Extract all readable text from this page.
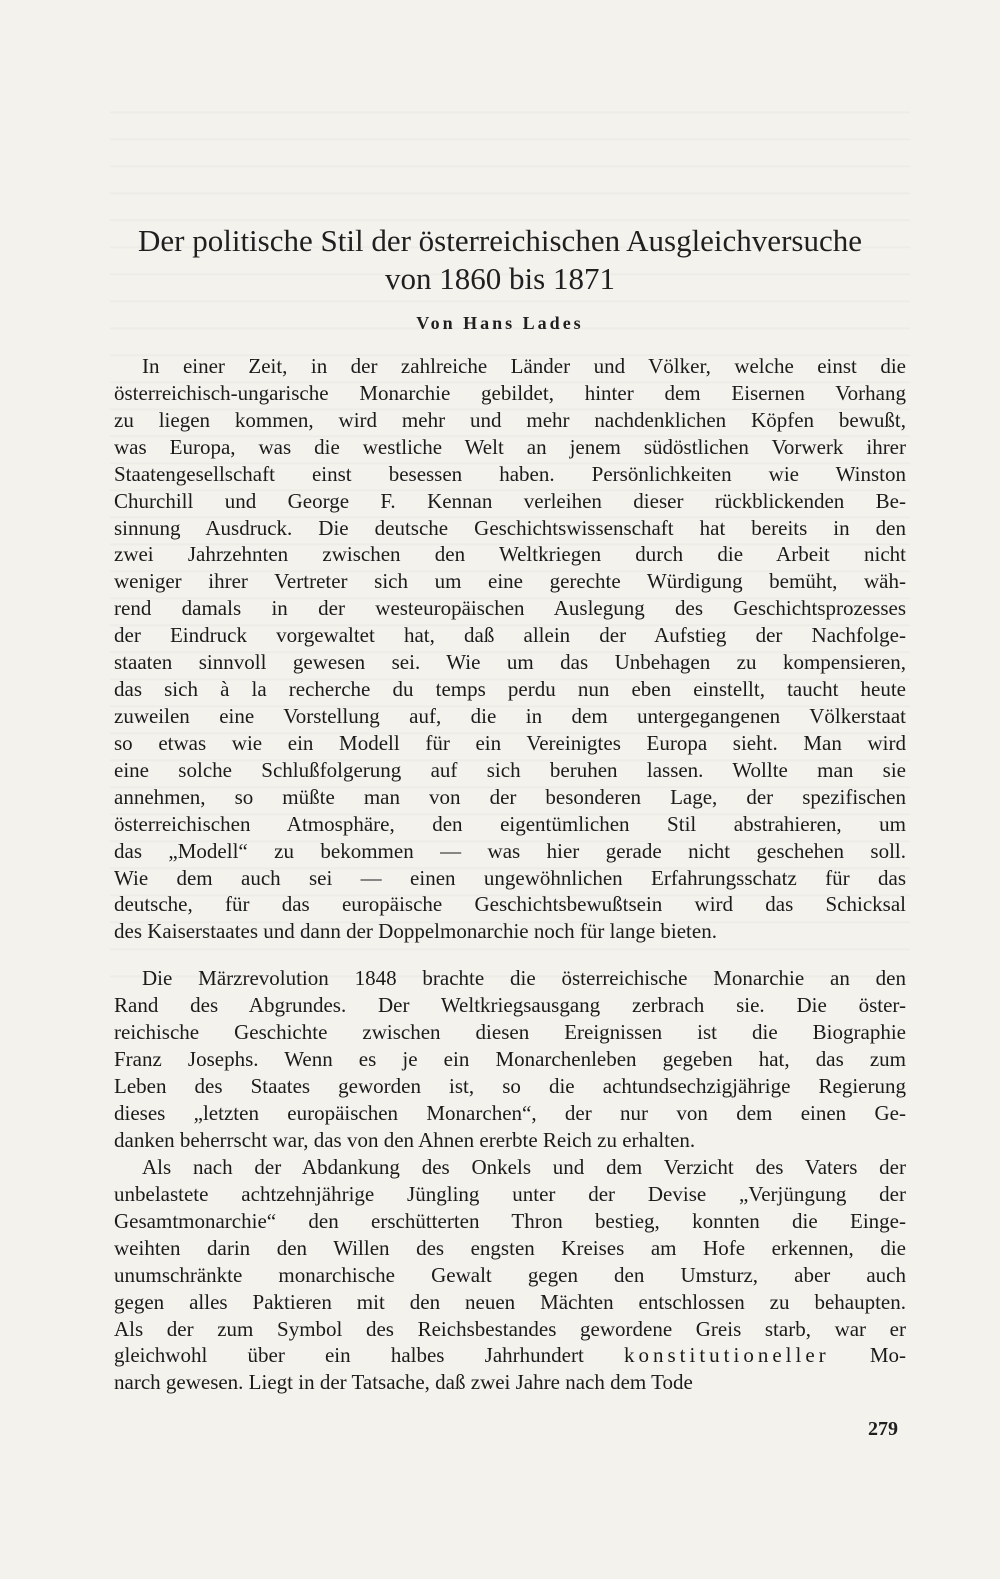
Der politische Stil der österreichischen Ausgleichversuche
von 1860 bis 1871
Von Hans Lades
In einer Zeit, in der zahlreiche Länder und Völker, welche einst die
österreichisch-ungarische Monarchie gebildet, hinter dem Eisernen Vorhang
zu liegen kommen, wird mehr und mehr nachdenklichen Köpfen bewußt,
was Europa, was die westliche Welt an jenem südöstlichen Vorwerk ihrer
Staatengesellschaft einst besessen haben. Persönlichkeiten wie Winston
Churchill und George F. Kennan verleihen dieser rückblickenden Be-
sinnung Ausdruck. Die deutsche Geschichtswissenschaft hat bereits in den
zwei Jahrzehnten zwischen den Weltkriegen durch die Arbeit nicht
weniger ihrer Vertreter sich um eine gerechte Würdigung bemüht, wäh-
rend damals in der westeuropäischen Auslegung des Geschichtsprozesses
der Eindruck vorgewaltet hat, daß allein der Aufstieg der Nachfolge-
staaten sinnvoll gewesen sei. Wie um das Unbehagen zu kompensieren,
das sich à la recherche du temps perdu nun eben einstellt, taucht heute
zuweilen eine Vorstellung auf, die in dem untergegangenen Völkerstaat
so etwas wie ein Modell für ein Vereinigtes Europa sieht. Man wird
eine solche Schlußfolgerung auf sich beruhen lassen. Wollte man sie
annehmen, so müßte man von der besonderen Lage, der spezifischen
österreichischen Atmosphäre, den eigentümlichen Stil abstrahieren, um
das „Modell“ zu bekommen — was hier gerade nicht geschehen soll.
Wie dem auch sei — einen ungewöhnlichen Erfahrungsschatz für das
deutsche, für das europäische Geschichtsbewußtsein wird das Schicksal
des Kaiserstaates und dann der Doppelmonarchie noch für lange bieten.
Die Märzrevolution 1848 brachte die österreichische Monarchie an den
Rand des Abgrundes. Der Weltkriegsausgang zerbrach sie. Die öster-
reichische Geschichte zwischen diesen Ereignissen ist die Biographie
Franz Josephs. Wenn es je ein Monarchenleben gegeben hat, das zum
Leben des Staates geworden ist, so die achtundsechzigjährige Regierung
dieses „letzten europäischen Monarchen“, der nur von dem einen Ge-
danken beherrscht war, das von den Ahnen ererbte Reich zu erhalten.
Als nach der Abdankung des Onkels und dem Verzicht des Vaters der
unbelastete achtzehnjährige Jüngling unter der Devise „Verjüngung der
Gesamtmonarchie“ den erschütterten Thron bestieg, konnten die Einge-
weihten darin den Willen des engsten Kreises am Hofe erkennen, die
unumschränkte monarchische Gewalt gegen den Umsturz, aber auch
gegen alles Paktieren mit den neuen Mächten entschlossen zu behaupten.
Als der zum Symbol des Reichsbestandes gewordene Greis starb, war er
gleichwohl über ein halbes Jahrhundert konstitutioneller Mo-
narch gewesen. Liegt in der Tatsache, daß zwei Jahre nach dem Tode
279
